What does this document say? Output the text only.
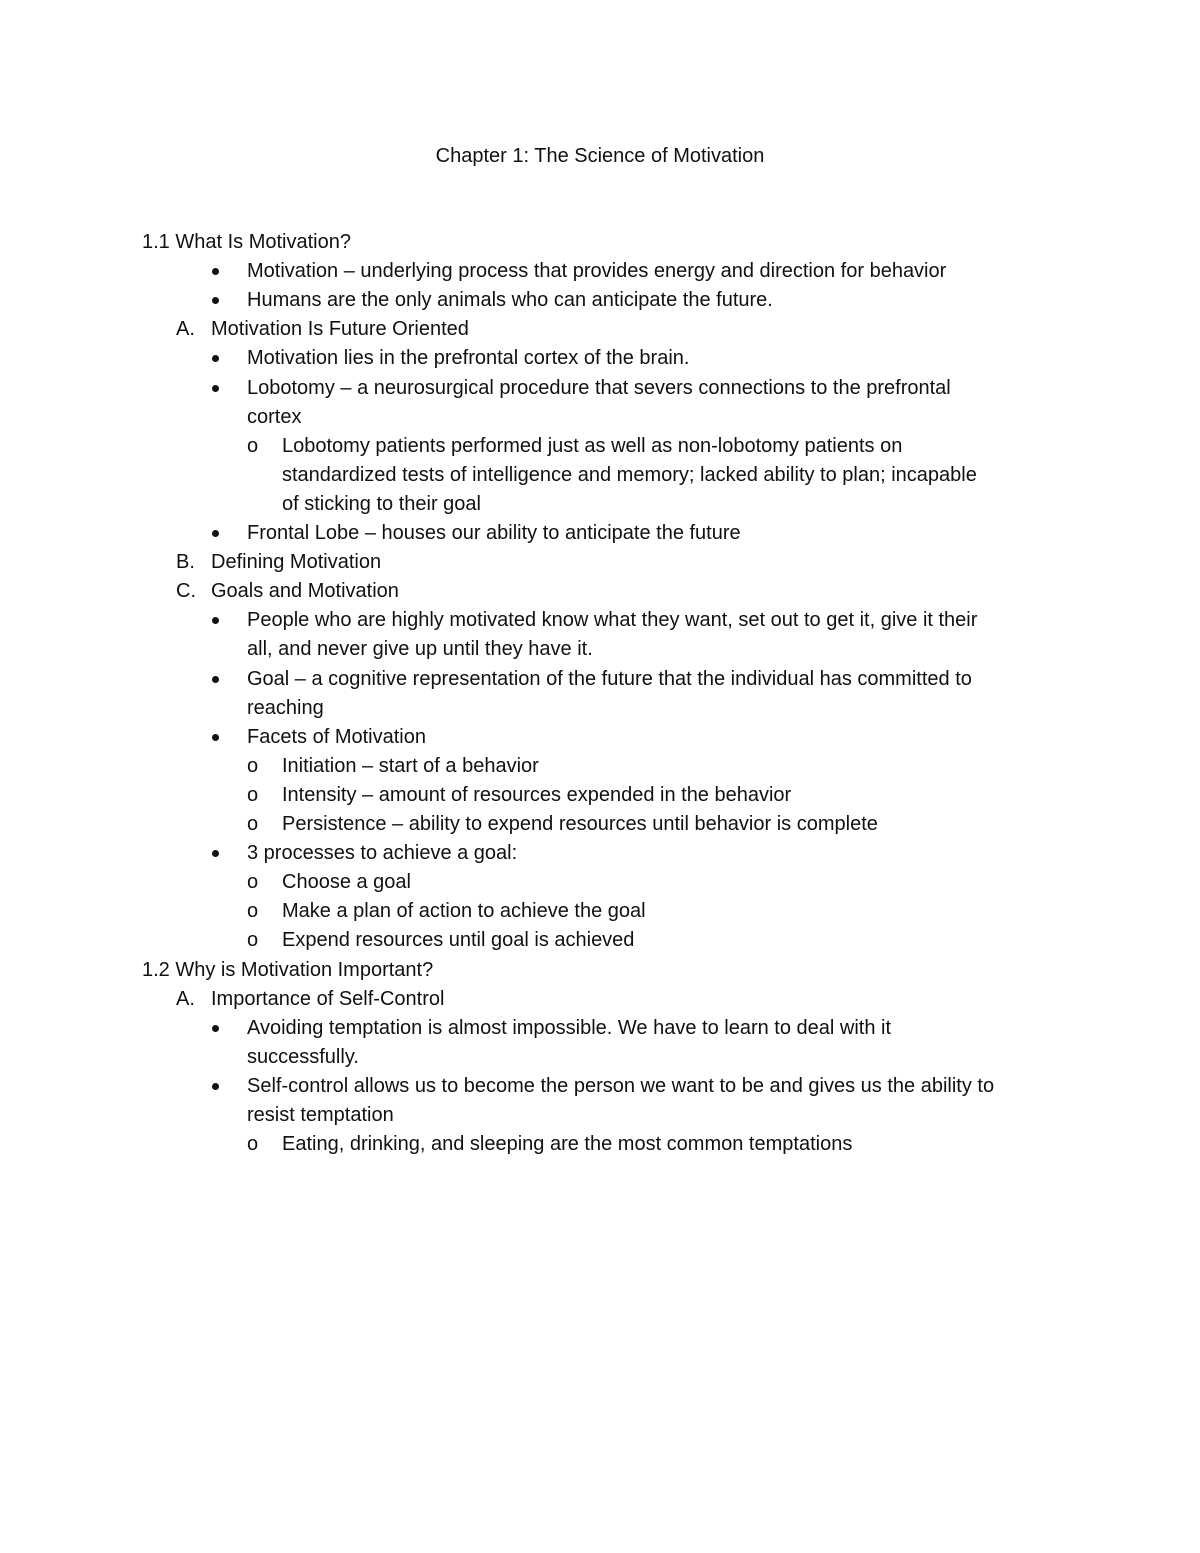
Chapter 1: The Science of Motivation
1.1 What Is Motivation?
Motivation – underlying process that provides energy and direction for behavior
Humans are the only animals who can anticipate the future.
A. Motivation Is Future Oriented
Motivation lies in the prefrontal cortex of the brain.
Lobotomy – a neurosurgical procedure that severs connections to the prefrontal
cortex
o Lobotomy patients performed just as well as non-lobotomy patients on
standardized tests of intelligence and memory; lacked ability to plan; incapable
of sticking to their goal
Frontal Lobe – houses our ability to anticipate the future
B. Defining Motivation
C. Goals and Motivation
People who are highly motivated know what they want, set out to get it, give it their
all, and never give up until they have it.
Goal – a cognitive representation of the future that the individual has committed to
reaching
Facets of Motivation
o Initiation – start of a behavior
o Intensity – amount of resources expended in the behavior
o Persistence – ability to expend resources until behavior is complete
3 processes to achieve a goal:
o Choose a goal
o Make a plan of action to achieve the goal
o Expend resources until goal is achieved
1.2 Why is Motivation Important?
A. Importance of Self-Control
Avoiding temptation is almost impossible. We have to learn to deal with it
successfully.
Self-control allows us to become the person we want to be and gives us the ability to
resist temptation
o Eating, drinking, and sleeping are the most common temptations
